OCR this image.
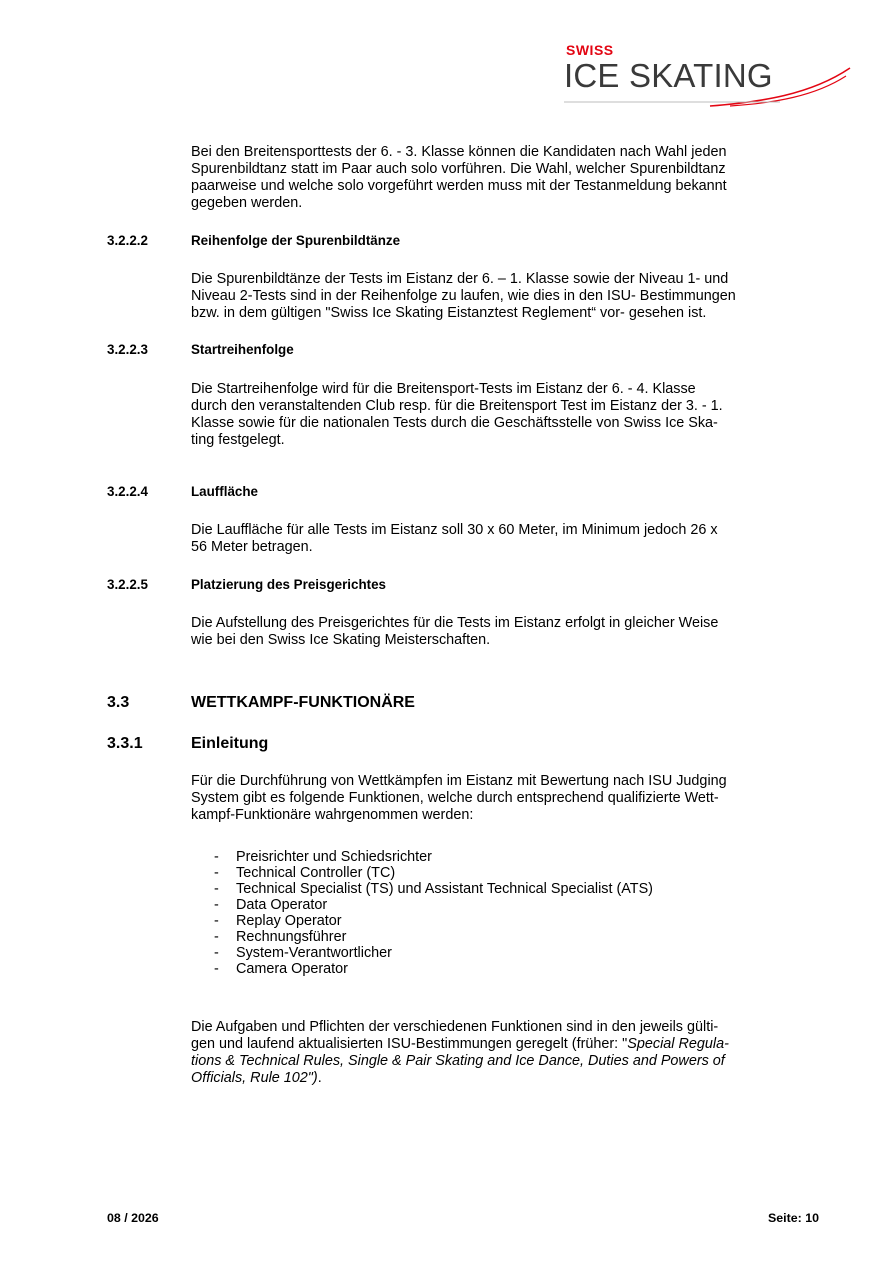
SWISS
ICE SKATING
Bei den Breitensporttests der 6. - 3. Klasse können die Kandidaten nach Wahl jeden
Spurenbildtanz statt im Paar auch solo vorführen. Die Wahl, welcher Spurenbildtanz
paarweise und welche solo vorgeführt werden muss mit der Testanmeldung bekannt
gegeben werden.
3.2.2.2	Reihenfolge der Spurenbildtänze
Die Spurenbildtänze der Tests im Eistanz der 6. – 1. Klasse sowie der Niveau 1- und
Niveau 2-Tests sind in der Reihenfolge zu laufen, wie dies in den ISU- Bestimmungen
bzw. in dem gültigen "Swiss Ice Skating Eistanztest Reglement“ vor- gesehen ist.
3.2.2.3	Startreihenfolge
Die Startreihenfolge wird für die Breitensport-Tests im Eistanz der 6. - 4. Klasse
durch den veranstaltenden Club resp. für die Breitensport Test im Eistanz der 3. - 1.
Klasse sowie für die nationalen Tests durch die Geschäftsstelle von Swiss Ice Ska-
ting festgelegt.
3.2.2.4	Lauffläche
Die Lauffläche für alle Tests im Eistanz soll 30 x 60 Meter, im Minimum jedoch 26 x
56 Meter betragen.
3.2.2.5	Platzierung des Preisgerichtes
Die Aufstellung des Preisgerichtes für die Tests im Eistanz erfolgt in gleicher Weise
wie bei den Swiss Ice Skating Meisterschaften.
3.3	WETTKAMPF-FUNKTIONÄRE
3.3.1	Einleitung
Für die Durchführung von Wettkämpfen im Eistanz mit Bewertung nach ISU Judging
System gibt es folgende Funktionen, welche durch entsprechend qualifizierte Wett-
kampf-Funktionäre wahrgenommen werden:
- Preisrichter und Schiedsrichter
- Technical Controller (TC)
- Technical Specialist (TS) und Assistant Technical Specialist (ATS)
- Data Operator
- Replay Operator
- Rechnungsführer
- System-Verantwortlicher
- Camera Operator
Die Aufgaben und Pflichten der verschiedenen Funktionen sind in den jeweils gülti-
gen und laufend aktualisierten ISU-Bestimmungen geregelt (früher: "Special Regula-
tions & Technical Rules, Single & Pair Skating and Ice Dance, Duties and Powers of
Officials, Rule 102").
08 / 2026	Seite: 10
